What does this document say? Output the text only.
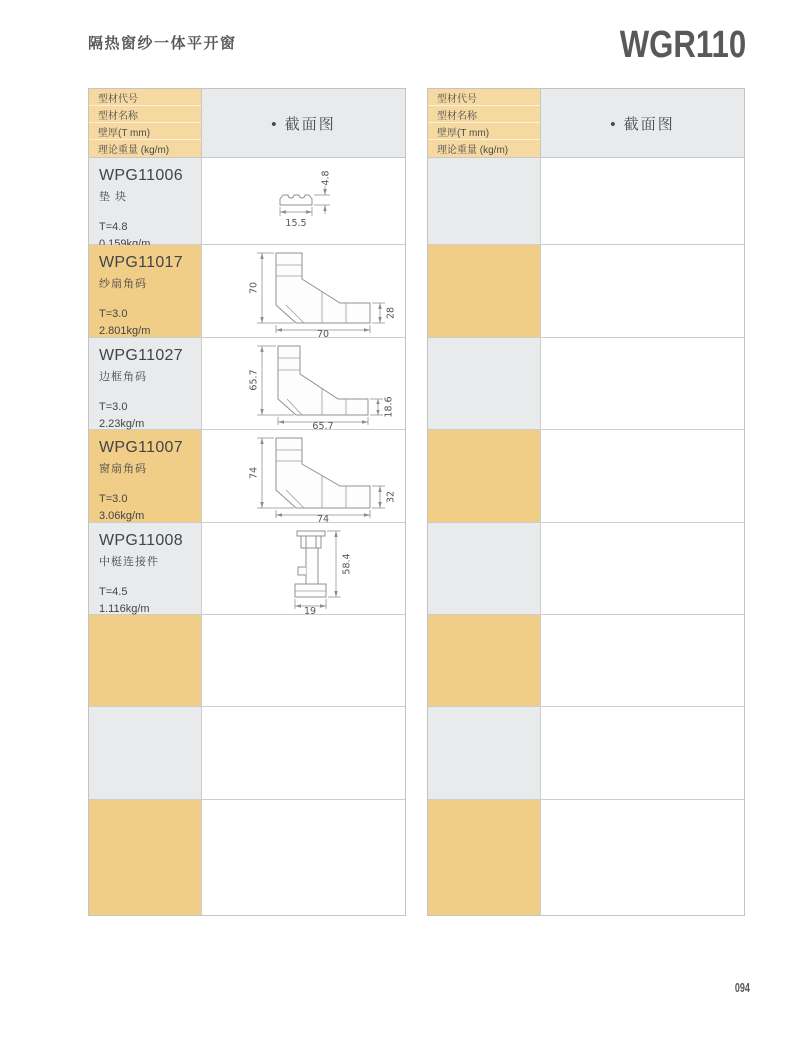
隔热窗纱一体平开窗	WGR110
型材代号
型材名称
壁厚(T mm)
理论重量 (kg/m)
• 截面图
WPG11006
垫 块
T=4.8	15.5
4.8
WPG11017
纱扇角码
T=3.0
2.801kg/m
70
70
28
WPG11027
边框角码
T=3.0
2.23kg/m
65.7
65.7
18.6
WPG11007
窗扇角码
T=3.0
3.06kg/m
74
74
32
WPG11008
中梃连接件
T=4.5
1.116kg/m
58.4
19
型材代号
型材名称
壁厚(T mm)
理论重量 (kg/m)
• 截面图
094
